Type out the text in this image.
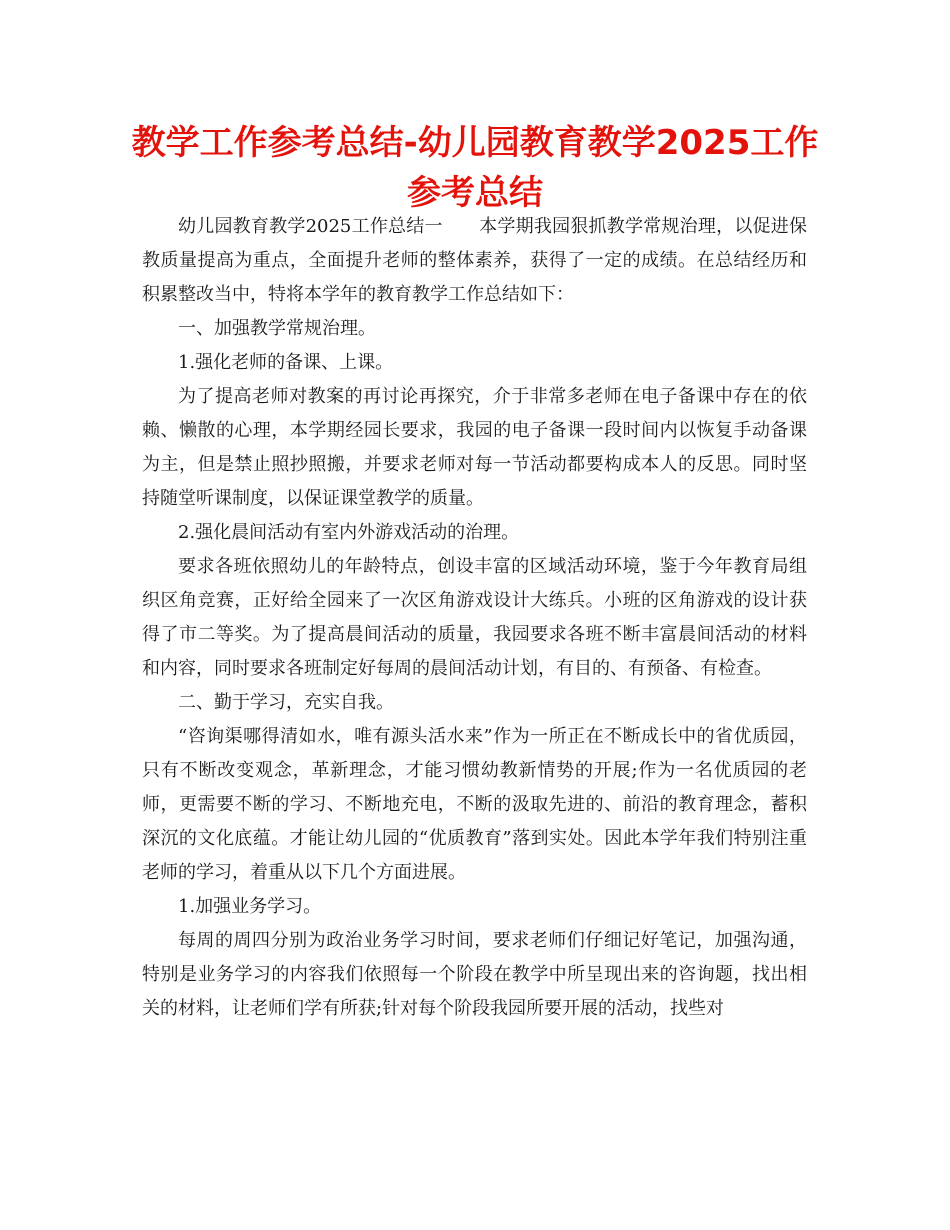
教学工作参考总结-幼儿园教育教学2025工作参考总结

幼儿园教育教学2025工作总结一　　本学期我园狠抓教学常规治理，以促进保教质量提高为重点，全面提升老师的整体素养，获得了一定的成绩。在总结经历和积累整改当中，特将本学年的教育教学工作总结如下：

一、加强教学常规治理。

1.强化老师的备课、上课。

为了提高老师对教案的再讨论再探究，介于非常多老师在电子备课中存在的依赖、懒散的心理，本学期经园长要求，我园的电子备课一段时间内以恢复手动备课为主，但是禁止照抄照搬，并要求老师对每一节活动都要构成本人的反思。同时坚持随堂听课制度，以保证课堂教学的质量。

2.强化晨间活动有室内外游戏活动的治理。

要求各班依照幼儿的年龄特点，创设丰富的区域活动环境，鉴于今年教育局组织区角竞赛，正好给全园来了一次区角游戏设计大练兵。小班的区角游戏的设计获得了市二等奖。为了提高晨间活动的质量，我园要求各班不断丰富晨间活动的材料和内容，同时要求各班制定好每周的晨间活动计划，有目的、有预备、有检查。

二、勤于学习，充实自我。

“咨询渠哪得清如水，唯有源头活水来”作为一所正在不断成长中的省优质园，只有不断改变观念，革新理念，才能习惯幼教新情势的开展;作为一名优质园的老师，更需要不断的学习、不断地充电，不断的汲取先进的、前沿的教育理念，蓄积深沉的文化底蕴。才能让幼儿园的“优质教育”落到实处。因此本学年我们特别注重老师的学习，着重从以下几个方面进展。

1.加强业务学习。

每周的周四分别为政治业务学习时间，要求老师们仔细记好笔记，加强沟通，特别是业务学习的内容我们依照每一个阶段在教学中所呈现出来的咨询题，找出相关的材料，让老师们学有所获;针对每个阶段我园所要开展的活动，找些对
